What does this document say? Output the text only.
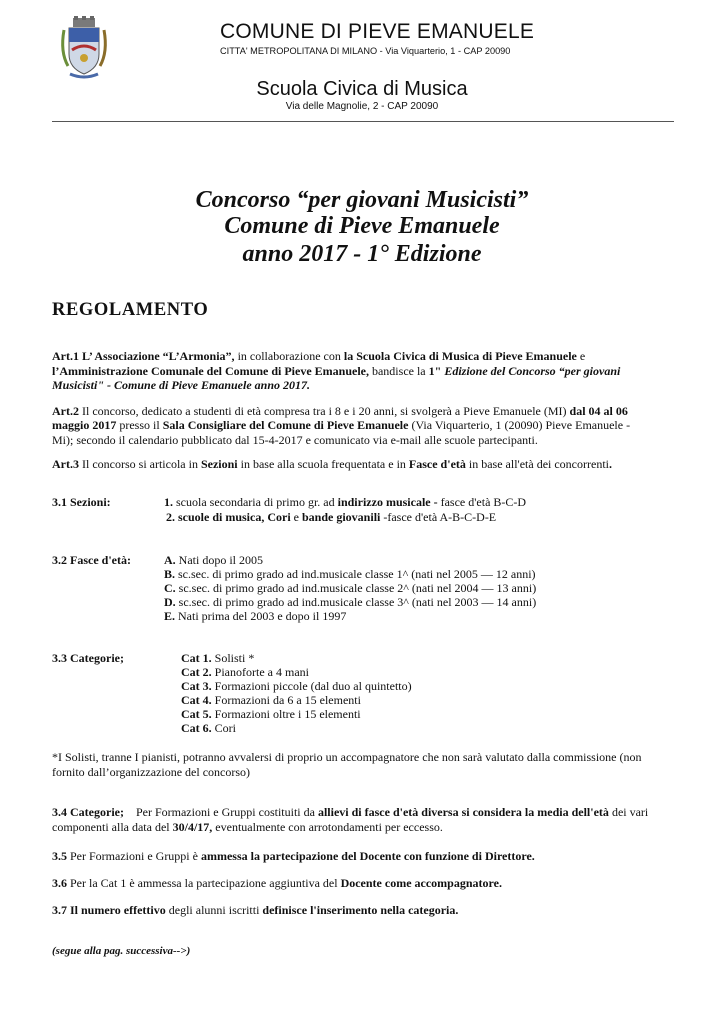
COMUNE DI PIEVE EMANUELE
CITTA' METROPOLITANA DI MILANO - Via Viquarterio, 1 - CAP 20090
Scuola Civica di Musica
Via delle Magnolie, 2 - CAP 20090
Concorso “per giovani Musicisti”
Comune di Pieve Emanuele
anno 2017 - 1° Edizione
REGOLAMENTO
Art.1 L’ Associazione “L’Armonia”, in collaborazione con la Scuola Civica di Musica di Pieve Emanuele e
l’Amministrazione Comunale del Comune di Pieve Emanuele, bandisce la 1" Edizione del Concorso “per giovani
Musicisti" - Comune di Pieve Emanuele anno 2017.
Art.2 Il concorso, dedicato a studenti di età compresa tra i 8 e i 20 anni, si svolgerà a Pieve Emanuele (MI) dal 04 al 06
maggio 2017 presso il Sala Consigliare del Comune di Pieve Emanuele (Via Viquarterio, 1 (20090) Pieve Emanuele -
Mi); secondo il calendario pubblicato dal 15-4-2017 e comunicato via e-mail alle scuole partecipanti.
Art.3 Il concorso si articola in Sezioni in base alla scuola frequentata e in Fasce d'età in base all'età dei concorrenti.
3.1 Sezioni:	1. scuola secondaria di primo gr. ad indirizzo musicale - fasce d'età B-C-D
2. scuole di musica, Cori e bande giovanili -fasce d'età A-B-C-D-E
3.2 Fasce d'età:	A. Nati dopo il 2005
B. sc.sec. di primo grado ad ind.musicale classe 1^ (nati nel 2005 — 12 anni)
C. sc.sec. di primo grado ad ind.musicale classe 2^ (nati nel 2004 — 13 anni)
D. sc.sec. di primo grado ad ind.musicale classe 3^ (nati nel 2003 — 14 anni)
E. Nati prima del 2003 e dopo il 1997
3.3 Categorie;	Cat 1. Solisti *
Cat 2. Pianoforte a 4 mani
Cat 3. Formazioni piccole (dal duo al quintetto)
Cat 4. Formazioni da 6 a 15 elementi
Cat 5. Formazioni oltre i 15 elementi
Cat 6. Cori
*I Solisti, tranne I pianisti, potranno avvalersi di proprio un accompagnatore che non sarà valutato dalla commissione (non
fornito dall’organizzazione del concorso)
3.4 Categorie;    Per Formazioni e Gruppi costituiti da allievi di fasce d'età diversa si considera la media dell'età dei vari
componenti alla data del 30/4/17, eventualmente con arrotondamenti per eccesso.
3.5 Per Formazioni e Gruppi è ammessa la partecipazione del Docente con funzione di Direttore.
3.6 Per la Cat 1 è ammessa la partecipazione aggiuntiva del Docente come accompagnatore.
3.7 Il numero effettivo degli alunni iscritti definisce l'inserimento nella categoria.
(segue alla pag. successiva-->)
